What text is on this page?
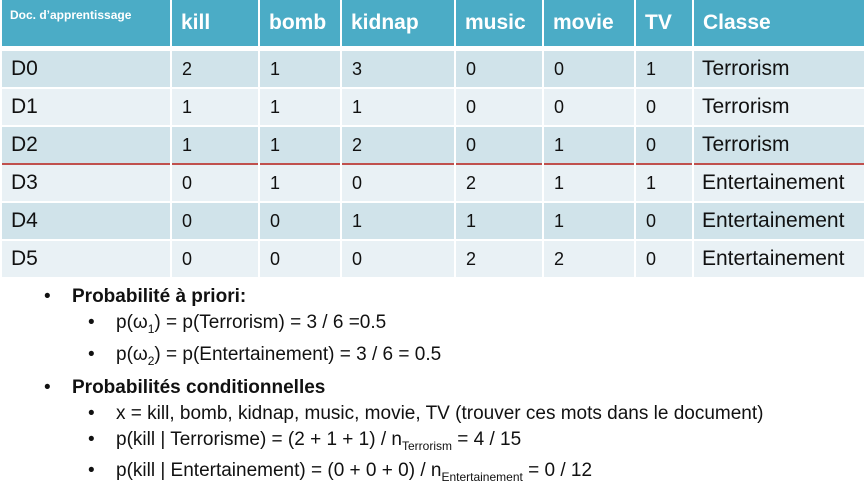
Doc. d’apprentissage	kill	bomb	kidnap	music	movie	TV	Classe
D0	2	1	3	0	0	1	Terrorism
D1	1	1	1	0	0	0	Terrorism
D2	1	1	2	0	1	0	Terrorism
D3	0	1	0	2	1	1	Entertainement
D4	0	0	1	1	1	0	Entertainement
D5	0	0	0	2	2	0	Entertainement
• Probabilité à priori:
• $p(\omega_1)$ = p(Terrorism) = 3 / 6 =0.5
• $p(\omega_2)$ = p(Entertainement) = 3 / 6 = 0.5
• Probabilités conditionnelles
• x = kill, bomb, kidnap, music, movie, TV (trouver ces mots dans le document)
• p(kill | Terrorisme) = $(2 + 1 + 1) / n_{Terrorism} = 4 / 15$
• p(kill | Entertainement) = $(0 + 0 + 0) / n_{Entertainement} = 0 / 12$
